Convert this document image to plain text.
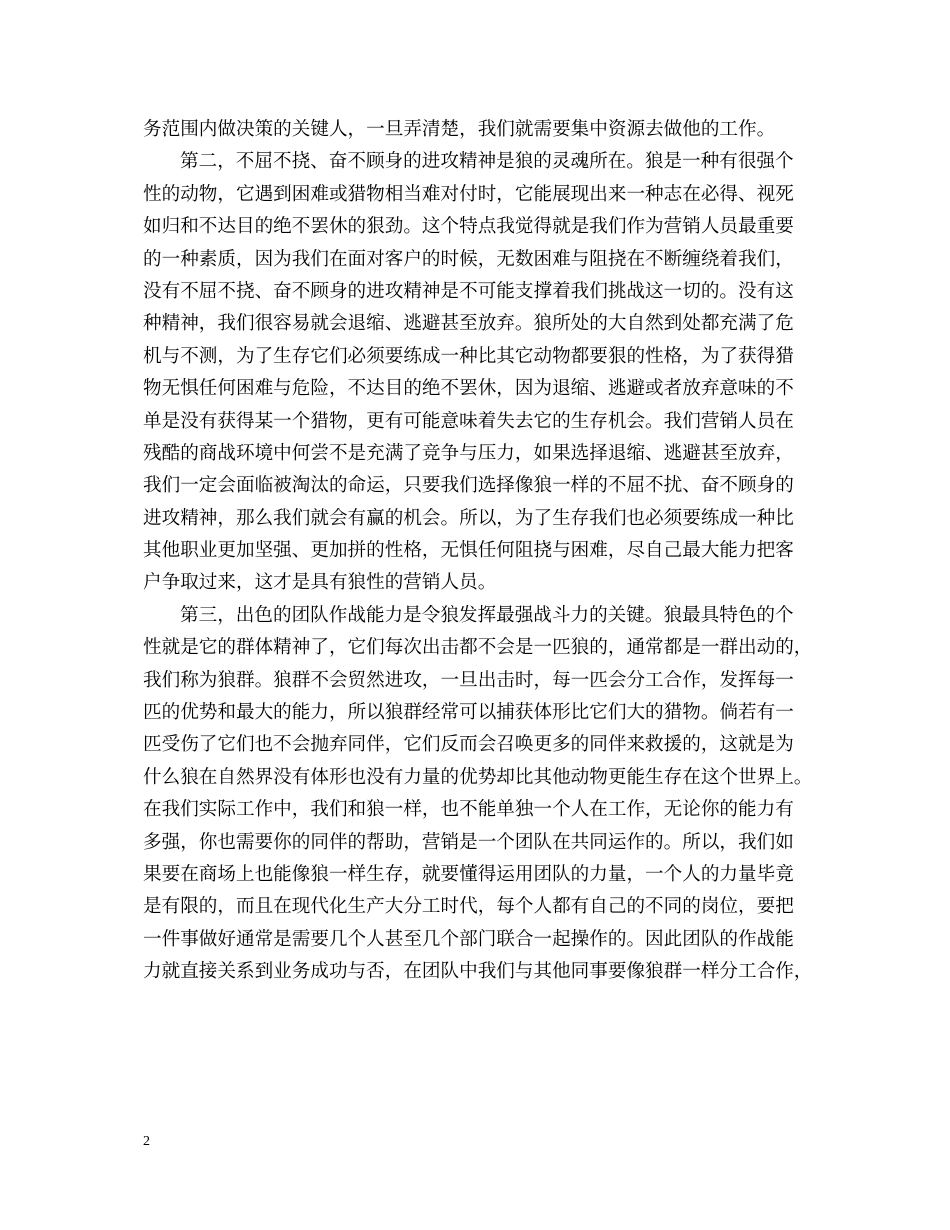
务范围内做决策的关键人，一旦弄清楚，我们就需要集中资源去做他的工作。
第二，不屈不挠、奋不顾身的进攻精神是狼的灵魂所在。狼是一种有很强个
性的动物，它遇到困难或猎物相当难对付时，它能展现出来一种志在必得、视死
如归和不达目的绝不罢休的狠劲。这个特点我觉得就是我们作为营销人员最重要
的一种素质，因为我们在面对客户的时候，无数困难与阻挠在不断缠绕着我们，
没有不屈不挠、奋不顾身的进攻精神是不可能支撑着我们挑战这一切的。没有这
种精神，我们很容易就会退缩、逃避甚至放弃。狼所处的大自然到处都充满了危
机与不测，为了生存它们必须要练成一种比其它动物都要狠的性格，为了获得猎
物无惧任何困难与危险，不达目的绝不罢休，因为退缩、逃避或者放弃意味的不
单是没有获得某一个猎物，更有可能意味着失去它的生存机会。我们营销人员在
残酷的商战环境中何尝不是充满了竞争与压力，如果选择退缩、逃避甚至放弃，
我们一定会面临被淘汰的命运，只要我们选择像狼一样的不屈不扰、奋不顾身的
进攻精神，那么我们就会有赢的机会。所以，为了生存我们也必须要练成一种比
其他职业更加坚强、更加拼的性格，无惧任何阻挠与困难，尽自己最大能力把客
户争取过来，这才是具有狼性的营销人员。
第三，出色的团队作战能力是令狼发挥最强战斗力的关键。狼最具特色的个
性就是它的群体精神了，它们每次出击都不会是一匹狼的，通常都是一群出动的，
我们称为狼群。狼群不会贸然进攻，一旦出击时，每一匹会分工合作，发挥每一
匹的优势和最大的能力，所以狼群经常可以捕获体形比它们大的猎物。倘若有一
匹受伤了它们也不会抛弃同伴，它们反而会召唤更多的同伴来救援的，这就是为
什么狼在自然界没有体形也没有力量的优势却比其他动物更能生存在这个世界上。
在我们实际工作中，我们和狼一样，也不能单独一个人在工作，无论你的能力有
多强，你也需要你的同伴的帮助，营销是一个团队在共同运作的。所以，我们如
果要在商场上也能像狼一样生存，就要懂得运用团队的力量，一个人的力量毕竟
是有限的，而且在现代化生产大分工时代，每个人都有自己的不同的岗位，要把
一件事做好通常是需要几个人甚至几个部门联合一起操作的。因此团队的作战能
力就直接关系到业务成功与否，在团队中我们与其他同事要像狼群一样分工合作，
2
